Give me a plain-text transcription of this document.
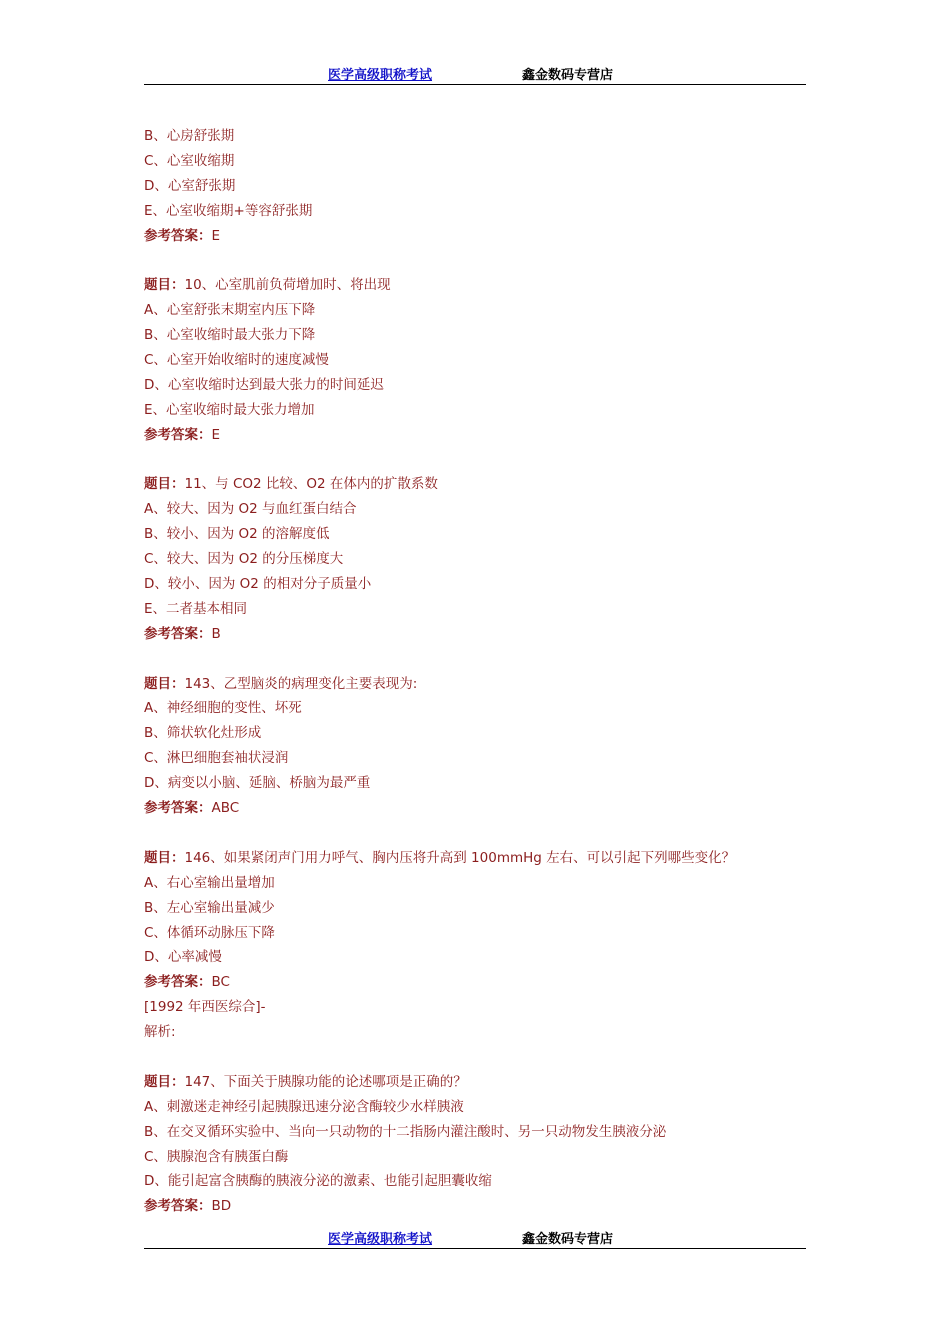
医学高级职称考试	鑫金数码专营店
B、心房舒张期
C、心室收缩期
D、心室舒张期
E、心室收缩期+等容舒张期
参考答案：E
题目：10、心室肌前负荷增加时、将出现
A、心室舒张末期室内压下降
B、心室收缩时最大张力下降
C、心室开始收缩时的速度减慢
D、心室收缩时达到最大张力的时间延迟
E、心室收缩时最大张力增加
参考答案：E
题目：11、与 CO2 比较、O2 在体内的扩散系数
A、较大、因为 O2 与血红蛋白结合
B、较小、因为 O2 的溶解度低
C、较大、因为 O2 的分压梯度大
D、较小、因为 O2 的相对分子质量小
E、二者基本相同
参考答案：B
题目：143、乙型脑炎的病理变化主要表现为:
A、神经细胞的变性、坏死
B、筛状软化灶形成
C、淋巴细胞套袖状浸润
D、病变以小脑、延脑、桥脑为最严重
参考答案：ABC
题目：146、如果紧闭声门用力呼气、胸内压将升高到 100mmHg 左右、可以引起下列哪些变化？
A、右心室输出量增加
B、左心室输出量减少
C、体循环动脉压下降
D、心率减慢
参考答案：BC
[1992 年西医综合]-
解析:
题目：147、下面关于胰腺功能的论述哪项是正确的？
A、刺激迷走神经引起胰腺迅速分泌含酶较少水样胰液
B、在交叉循环实验中、当向一只动物的十二指肠内灌注酸时、另一只动物发生胰液分泌
C、胰腺泡含有胰蛋白酶
D、能引起富含胰酶的胰液分泌的激素、也能引起胆囊收缩
参考答案：BD
医学高级职称考试	鑫金数码专营店
